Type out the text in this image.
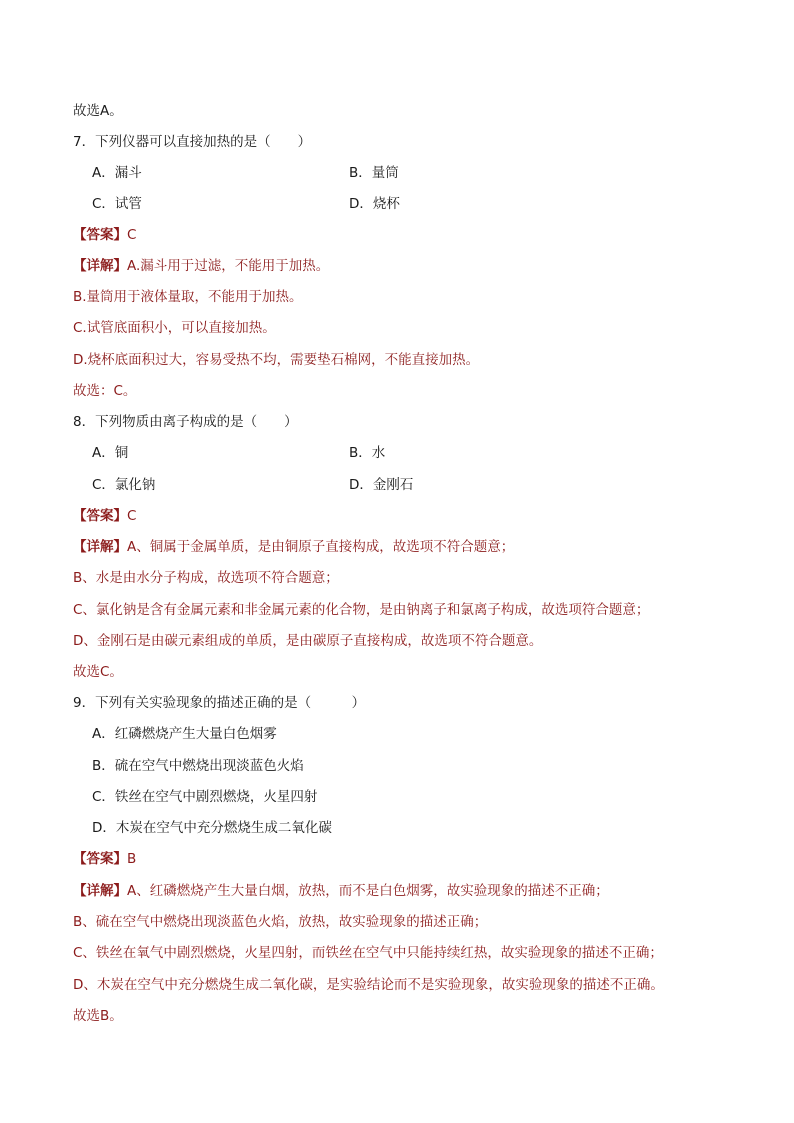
故选A。
7．下列仪器可以直接加热的是（　　）
A．漏斗	B．量筒
C．试管	D．烧杯
【答案】C
【详解】A.漏斗用于过滤，不能用于加热。
B.量筒用于液体量取，不能用于加热。
C.试管底面积小，可以直接加热。
D.烧杯底面积过大，容易受热不均，需要垫石棉网，不能直接加热。
故选：C。
8．下列物质由离子构成的是（　　）
A．铜	B．水
C．氯化钠	D．金刚石
【答案】C
【详解】A、铜属于金属单质，是由铜原子直接构成，故选项不符合题意；
B、水是由水分子构成，故选项不符合题意；
C、氯化钠是含有金属元素和非金属元素的化合物，是由钠离子和氯离子构成，故选项符合题意；
D、金刚石是由碳元素组成的单质，是由碳原子直接构成，故选项不符合题意。
故选C。
9．下列有关实验现象的描述正确的是（　　　）
A．红磷燃烧产生大量白色烟雾
B．硫在空气中燃烧出现淡蓝色火焰
C．铁丝在空气中剧烈燃烧，火星四射
D．木炭在空气中充分燃烧生成二氧化碳
【答案】B
【详解】A、红磷燃烧产生大量白烟，放热，而不是白色烟雾，故实验现象的描述不正确；
B、硫在空气中燃烧出现淡蓝色火焰，放热，故实验现象的描述正确；
C、铁丝在氧气中剧烈燃烧，火星四射，而铁丝在空气中只能持续红热，故实验现象的描述不正确；
D、木炭在空气中充分燃烧生成二氧化碳，是实验结论而不是实验现象，故实验现象的描述不正确。
故选B。
